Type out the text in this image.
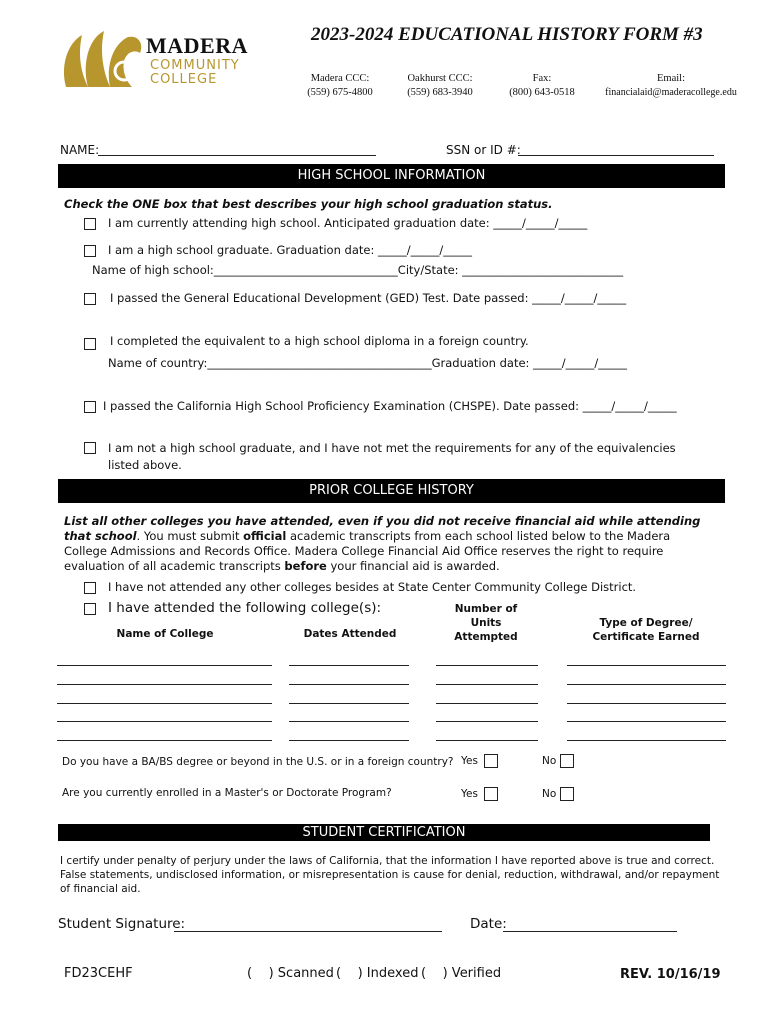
MADERA
COMMUNITY
COLLEGE
2023-2024 EDUCATIONAL HISTORY FORM #3
Madera CCC:
(559) 675-4800
Oakhurst CCC:
(559) 683-3940
Fax:
(800) 643-0518
Email:
financialaid@maderacollege.edu
NAME:	SSN or ID #:
HIGH SCHOOL INFORMATION
Check the ONE box that best describes your high school graduation status.
I am currently attending high school. Anticipated graduation date: _____/_____/_____
I am a high school graduate. Graduation date: _____/_____/_____
Name of high school:________________________________City/State: ____________________________
I passed the General Educational Development (GED) Test. Date passed: _____/_____/_____
I completed the equivalent to a high school diploma in a foreign country.
Name of country:_______________________________________Graduation date: _____/_____/_____
I passed the California High School Proficiency Examination (CHSPE). Date passed: _____/_____/_____
I am not a high school graduate, and I have not met the requirements for any of the equivalencies listed above.
PRIOR COLLEGE HISTORY
List all other colleges you have attended, even if you did not receive financial aid while attending that school. You must submit official academic transcripts from each school listed below to the Madera College Admissions and Records Office. Madera College Financial Aid Office reserves the right to require evaluation of all academic transcripts before your financial aid is awarded.
I have not attended any other colleges besides at State Center Community College District.
I have attended the following college(s):
Name of College	Dates Attended
Number of Units Attempted
Type of Degree/ Certificate Earned
Do you have a BA/BS degree or beyond in the U.S. or in a foreign country? Yes	No
Are you currently enrolled in a Master's or Doctorate Program?	Yes	No
STUDENT CERTIFICATION
I certify under penalty of perjury under the laws of California, that the information I have reported above is true and correct. False statements, undisclosed information, or misrepresentation is cause for denial, reduction, withdrawal, and/or repayment of financial aid.
Student Signature:	Date:
FD23CEHF	(    ) Scanned (    ) Indexed (    ) Verified	REV. 10/16/19
